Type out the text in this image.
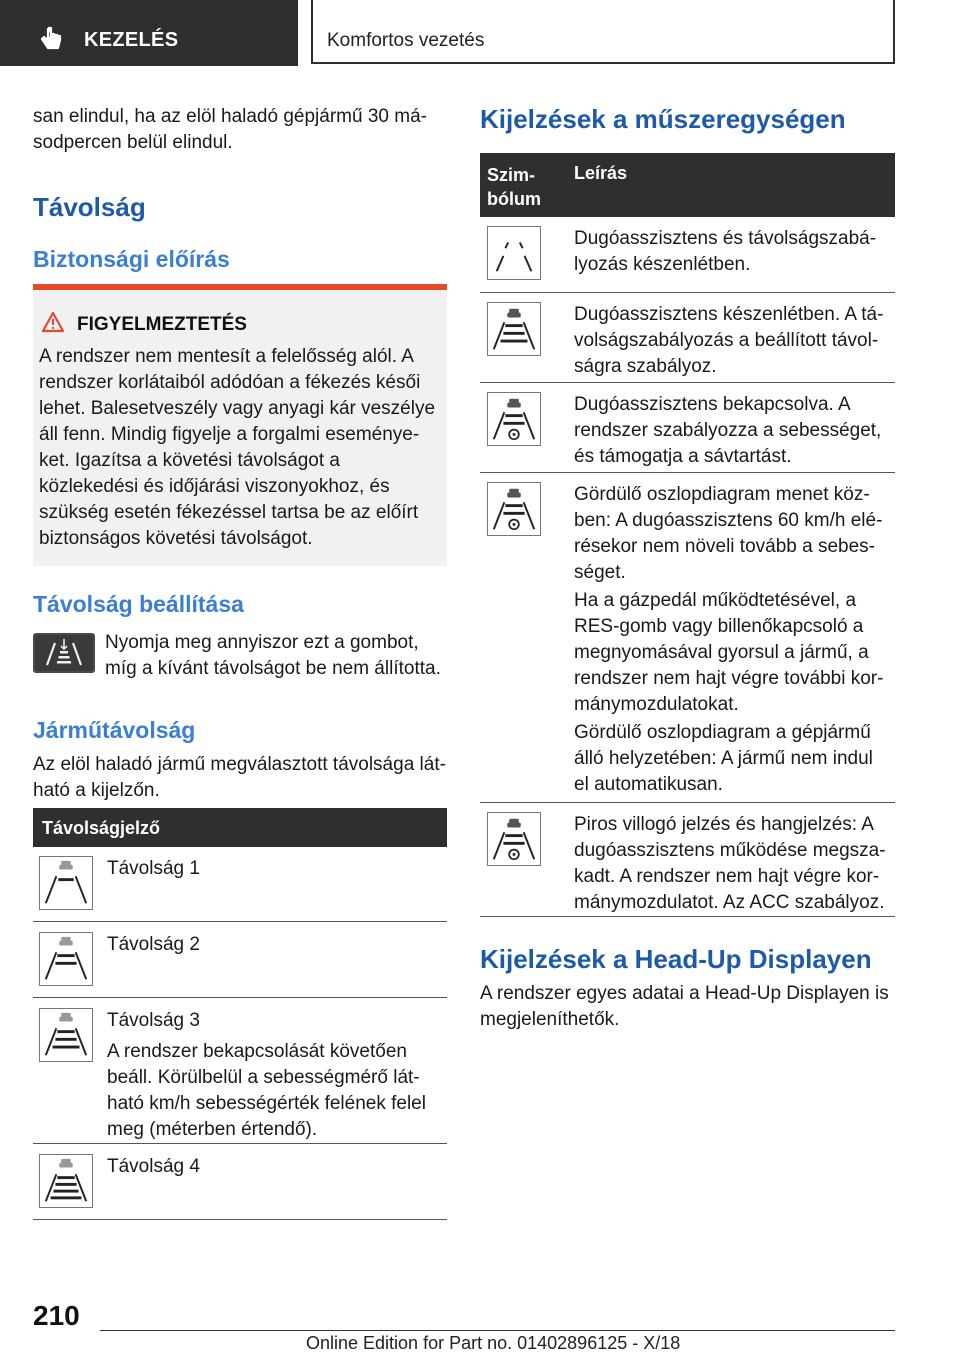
KEZELÉS	Komfortos vezetés

san elindul, ha az elöl haladó gépjármű 30 másodpercen belül elindul.

Távolság
Biztonsági előírás
FIGYELMEZTETÉS

A rendszer nem mentesít a felelősség alól. A rendszer korlátaiból adódóan a fékezés késői lehet. Balesetveszély vagy anyagi kár veszélye áll fenn. Mindig figyelje a forgalmi eseményeket. Igazítsa a követési távolságot a közlekedési és időjárási viszonyokhoz, és szükség esetén fékezéssel tartsa be az előírt biztonságos követési távolságot.

Távolság beállítása

Nyomja meg annyiszor ezt a gombot, míg a kívánt távolságot be nem állította.

Járműtávolság

Az elöl haladó jármű megválasztott távolsága látható a kijelzőn.

Távolságjelző

Távolság 1

Távolság 2

Távolság 3

A rendszer bekapcsolását követően beáll. Körülbelül a sebességmérő látható km/h sebességérték felének felel meg (méterben értendő).

Távolság 4

Kijelzések a műszeregységen
Szimbólum
Leírás

Dugóasszisztens és távolságszabályozás készenlétben.

Dugóasszisztens készenlétben. A távolságszabályozás a beállított távolságra szabályoz.

Dugóasszisztens bekapcsolva. A rendszer szabályozza a sebességet, és támogatja a sávtartást.

Gördülő oszlopdiagram menet közben: A dugóasszisztens 60 km/h elérésekor nem növeli tovább a sebességet.

Ha a gázpedál működtetésével, a RES-gomb vagy billenőkapcsoló a megnyomásával gyorsul a jármű, a rendszer nem hajt végre további kormánymozdulatokat.

Gördülő oszlopdiagram a gépjármű álló helyzetében: A jármű nem indul el automatikusan.

Piros villogó jelzés és hangjelzés: A dugóasszisztens működése megszakadt. A rendszer nem hajt végre kormánymozdulatot. Az ACC szabályoz.

Kijelzések a Head-Up Displayen

A rendszer egyes adatai a Head-Up Displayen is megjeleníthetők.

210
Online Edition for Part no. 01402896125 - X/18
